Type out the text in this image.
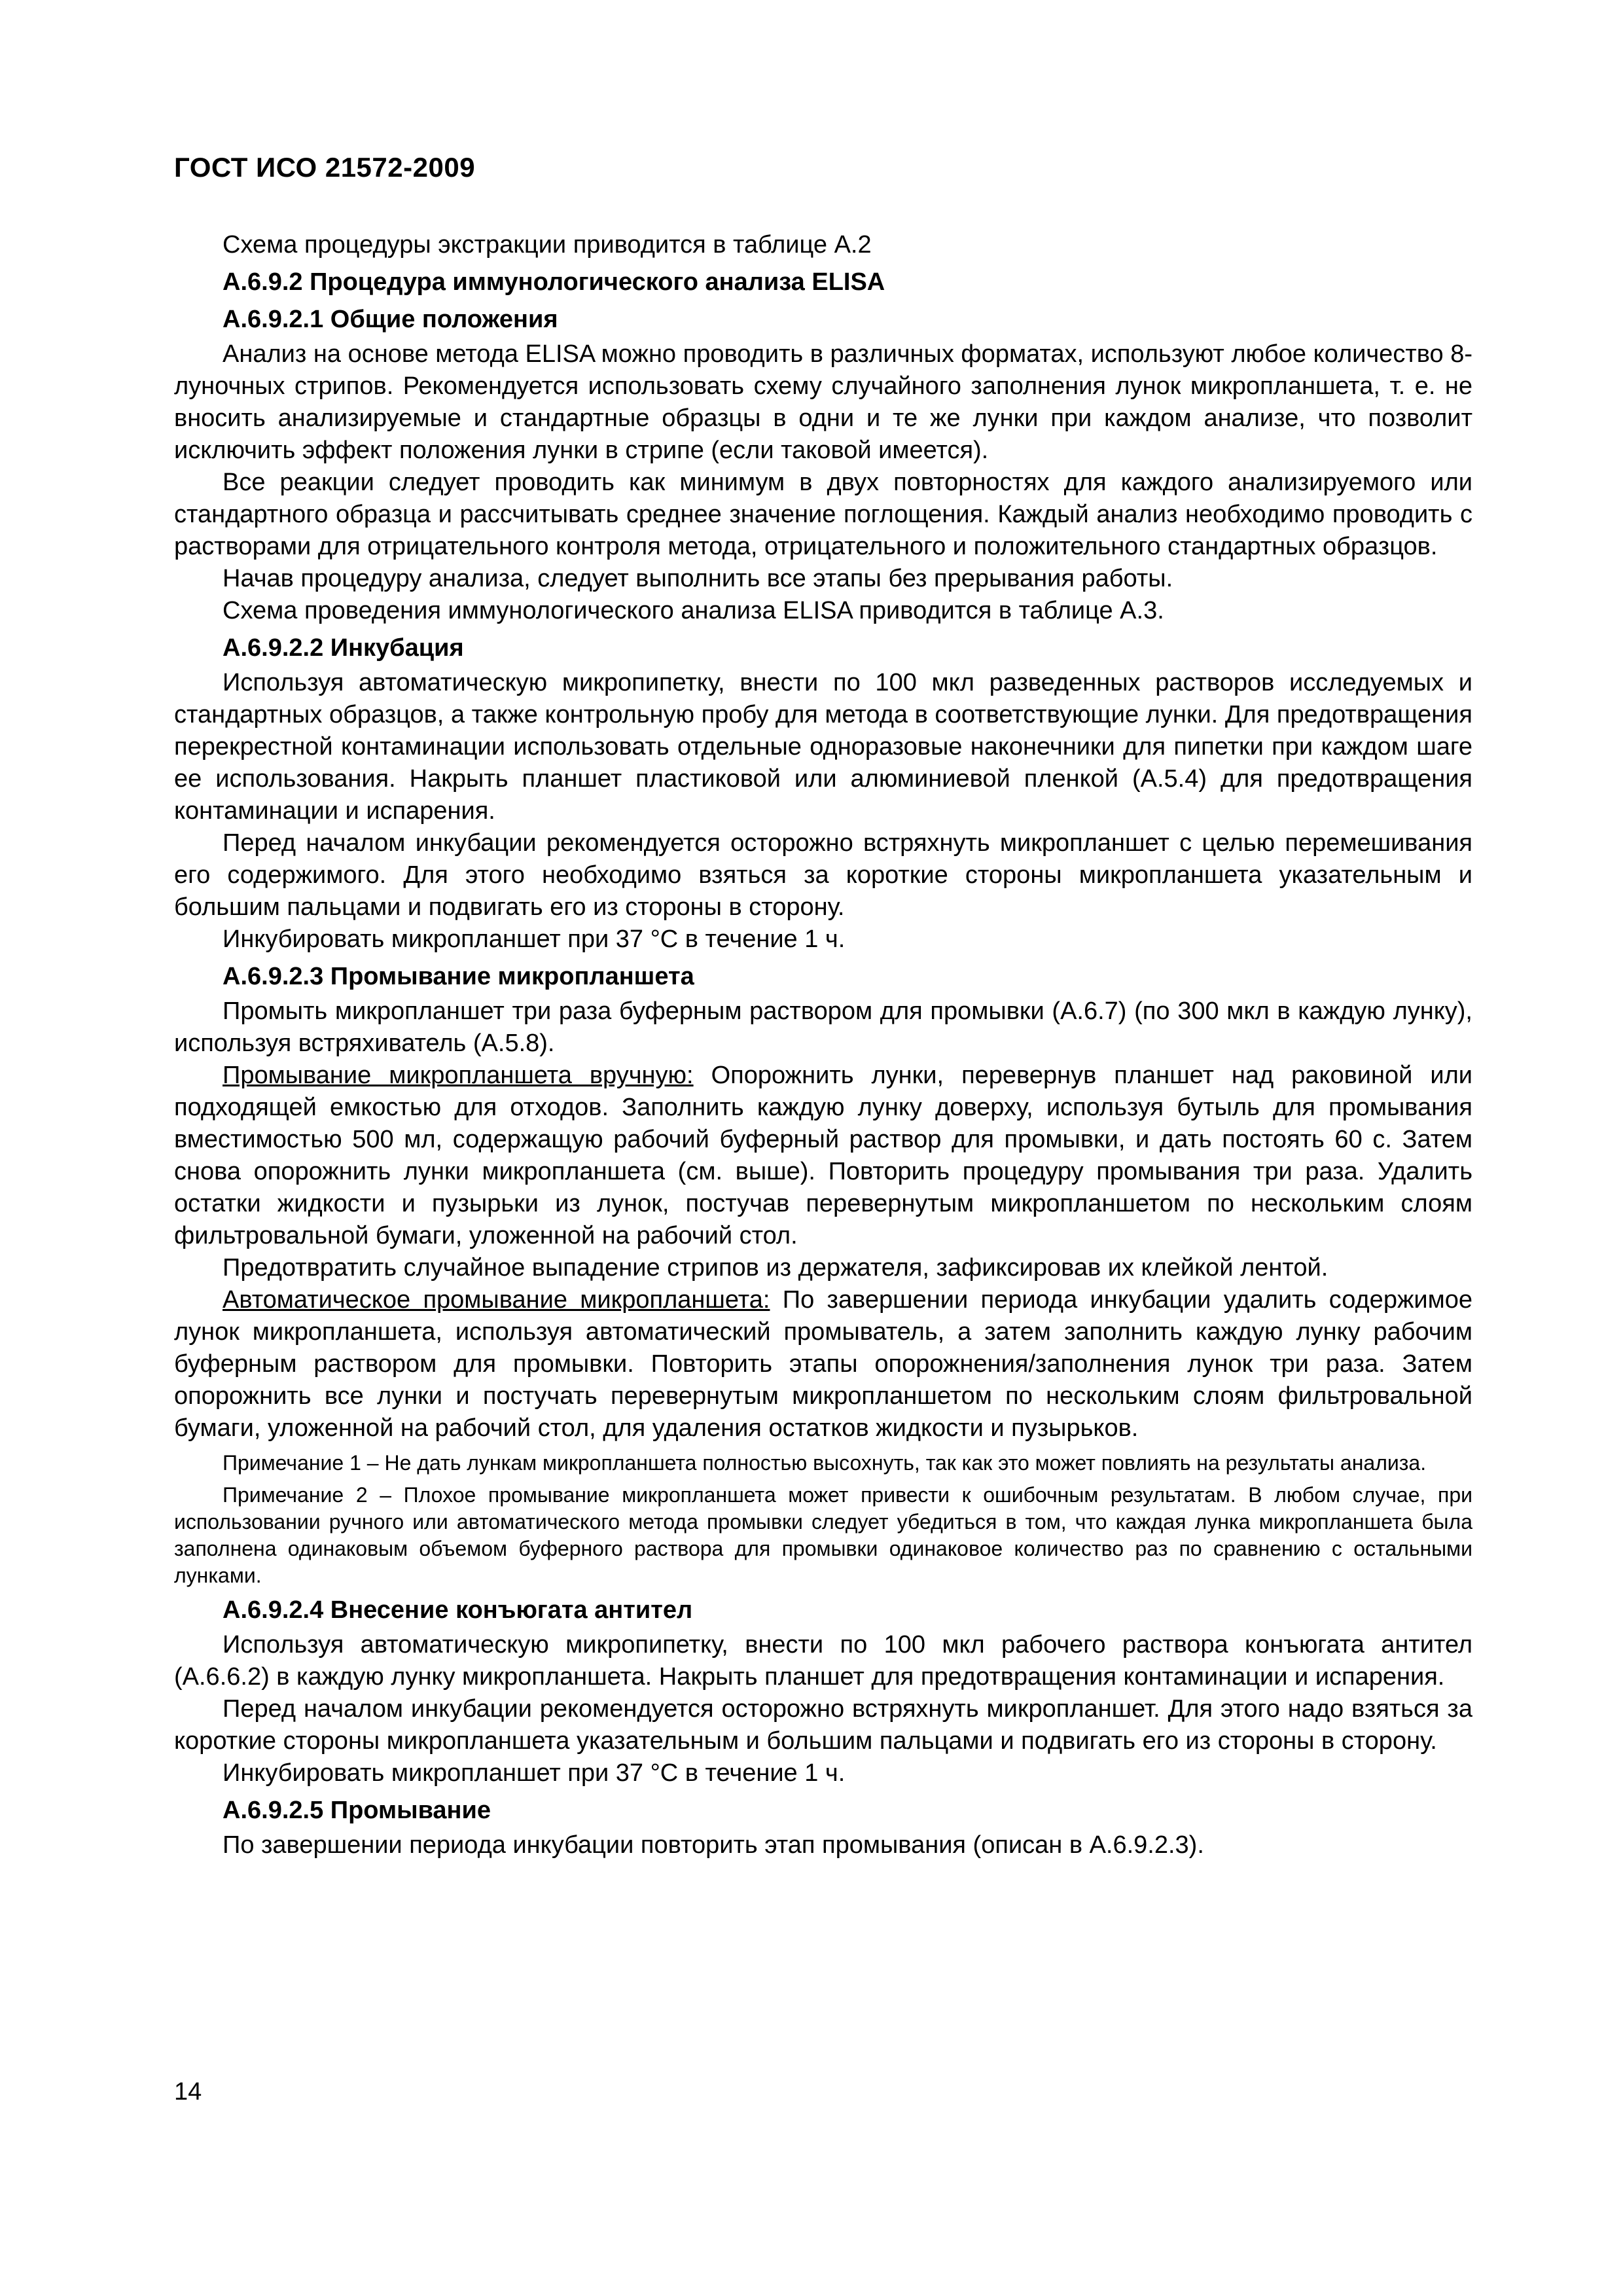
ГОСТ ИСО 21572-2009

Схема процедуры экстракции приводится в таблице А.2

А.6.9.2 Процедура иммунологического анализа ELISA
А.6.9.2.1 Общие положения

Анализ на основе метода ELISA можно проводить в различных форматах, используют любое количество 8-луночных стрипов. Рекомендуется использовать схему случайного заполнения лунок микропланшета, т. е. не вносить анализируемые и стандартные образцы в одни и те же лунки при каждом анализе, что позволит исключить эффект положения лунки в стрипе (если таковой имеется).

Все реакции следует проводить как минимум в двух повторностях для каждого анализируемого или стандартного образца и рассчитывать среднее значение поглощения. Каждый анализ необходимо проводить с растворами для отрицательного контроля метода, отрицательного и положительного стандартных образцов.

Начав процедуру анализа, следует выполнить все этапы без прерывания работы.

Схема проведения иммунологического анализа ELISA приводится в таблице А.3.

А.6.9.2.2 Инкубация

Используя автоматическую микропипетку, внести по 100 мкл разведенных растворов исследуемых и стандартных образцов, а также контрольную пробу для метода в соответствующие лунки. Для предотвращения перекрестной контаминации использовать отдельные одноразовые наконечники для пипетки при каждом шаге ее использования. Накрыть планшет пластиковой или алюминиевой пленкой (А.5.4) для предотвращения контаминации и испарения.

Перед началом инкубации рекомендуется осторожно встряхнуть микропланшет с целью перемешивания его содержимого. Для этого необходимо взяться за короткие стороны микропланшета указательным и большим пальцами и подвигать его из стороны в сторону.

Инкубировать микропланшет при 37 °С в течение 1 ч.

А.6.9.2.3 Промывание микропланшета

Промыть микропланшет три раза буферным раствором для промывки (А.6.7) (по 300 мкл в каждую лунку), используя встряхиватель (А.5.8).

Промывание микропланшета вручную: Опорожнить лунки, перевернув планшет над раковиной или подходящей емкостью для отходов. Заполнить каждую лунку доверху, используя бутыль для промывания вместимостью 500 мл, содержащую рабочий буферный раствор для промывки, и дать постоять 60 с. Затем снова опорожнить лунки микропланшета (см. выше). Повторить процедуру промывания три раза. Удалить остатки жидкости и пузырьки из лунок, постучав перевернутым микропланшетом по нескольким слоям фильтровальной бумаги, уложенной на рабочий стол.

Предотвратить случайное выпадение стрипов из держателя, зафиксировав их клейкой лентой.

Автоматическое промывание микропланшета: По завершении периода инкубации удалить содержимое лунок микропланшета, используя автоматический промыватель, а затем заполнить каждую лунку рабочим буферным раствором для промывки. Повторить этапы опорожнения/заполнения лунок три раза. Затем опорожнить все лунки и постучать перевернутым микропланшетом по нескольким слоям фильтровальной бумаги, уложенной на рабочий стол, для удаления остатков жидкости и пузырьков.

Примечание 1 – Не дать лункам микропланшета полностью высохнуть, так как это может повлиять на результаты анализа.

Примечание 2 – Плохое промывание микропланшета может привести к ошибочным результатам. В любом случае, при использовании ручного или автоматического метода промывки следует убедиться в том, что каждая лунка микропланшета была заполнена одинаковым объемом буферного раствора для промывки одинаковое количество раз по сравнению с остальными лунками.

А.6.9.2.4 Внесение конъюгата антител

Используя автоматическую микропипетку, внести по 100 мкл рабочего раствора конъюгата антител (А.6.6.2) в каждую лунку микропланшета. Накрыть планшет для предотвращения контаминации и испарения.

Перед началом инкубации рекомендуется осторожно встряхнуть микропланшет. Для этого надо взяться за короткие стороны микропланшета указательным и большим пальцами и подвигать его из стороны в сторону.

Инкубировать микропланшет при 37 °С в течение 1 ч.

А.6.9.2.5 Промывание

По завершении периода инкубации повторить этап промывания (описан в А.6.9.2.3).

14
